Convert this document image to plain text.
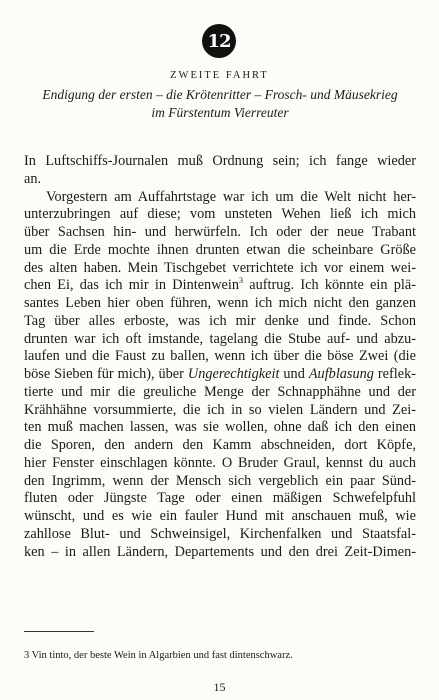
12
ZWEITE FAHRT
Endigung der ersten – die Krötenritter – Frosch- und Mäusekrieg
im Fürstentum Vierreuter
In Luftschiffs-Journalen muß Ordnung sein; ich fange wieder
an.
Vorgestern am Auffahrtstage war ich um die Welt nicht her-
unterzubringen auf diese; vom unsteten Wehen ließ ich mich
über Sachsen hin- und herwürfeln. Ich oder der neue Trabant
um die Erde mochte ihnen drunten etwan die scheinbare Größe
des alten haben. Mein Tischgebet verrichtete ich vor einem wei-
chen Ei, das ich mir in Dintenwein$^3$ auftrug. Ich könnte ein plä-
santes Leben hier oben führen, wenn ich mich nicht den ganzen
Tag über alles erboste, was ich mir denke und finde. Schon
drunten war ich oft imstande, tagelang die Stube auf- und abzu-
laufen und die Faust zu ballen, wenn ich über die böse Zwei (die
böse Sieben für mich), über Ungerechtigkeit und Aufblasung reflek-
tierte und mir die greuliche Menge der Schnapphähne und der
Krähhähne vorsummierte, die ich in so vielen Ländern und Zei-
ten muß machen lassen, was sie wollen, ohne daß ich den einen
die Sporen, den andern den Kamm abschneiden, dort Köpfe,
hier Fenster einschlagen könnte. O Bruder Graul, kennst du auch
den Ingrimm, wenn der Mensch sich vergeblich ein paar Sünd-
fluten oder Jüngste Tage oder einen mäßigen Schwefelpfuhl
wünscht, und es wie ein fauler Hund mit anschauen muß, wie
zahllose Blut- und Schweinsigel, Kirchenfalken und Staatsfal-
ken – in allen Ländern, Departements und den drei Zeit-Dimen-
3 Vin tinto, der beste Wein in Algarbien und fast dintenschwarz.
15
